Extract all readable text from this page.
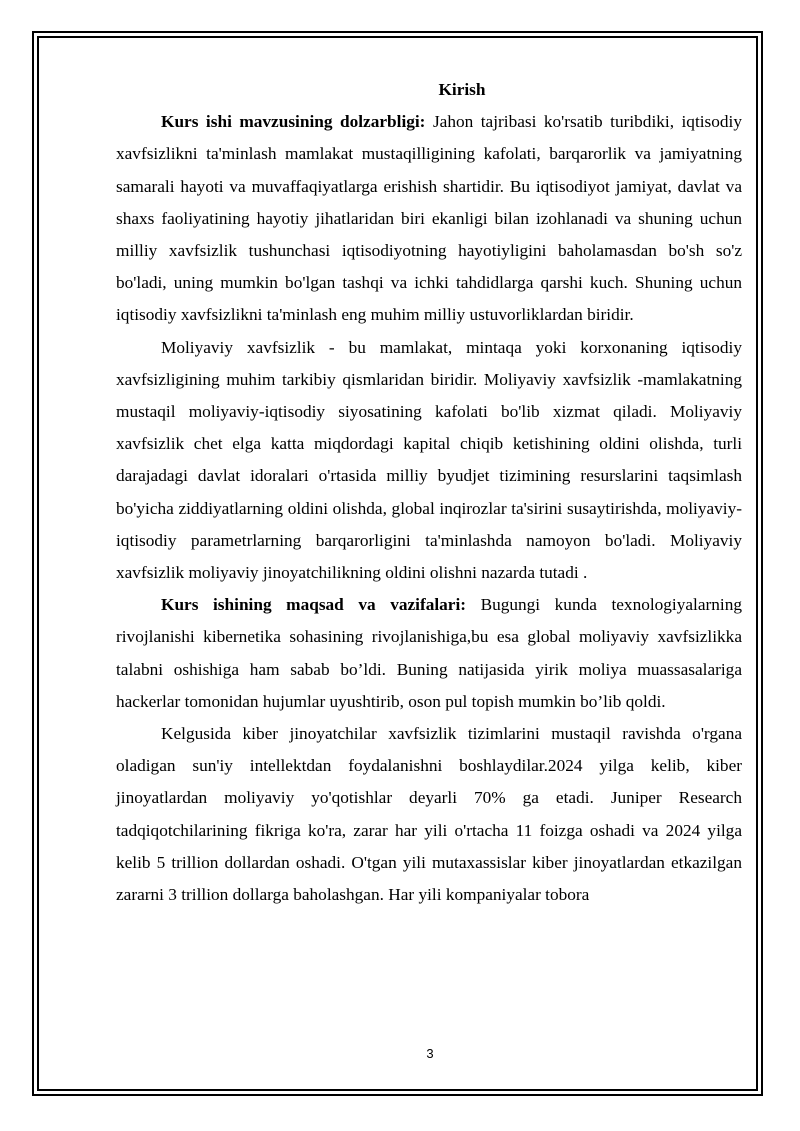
Kirish

Kurs ishi mavzusining dolzarbligi: Jahon tajribasi ko'rsatib turibdiki, iqtisodiy xavfsizlikni ta'minlash mamlakat mustaqilligining kafolati, barqarorlik va jamiyatning samarali hayoti va muvaffaqiyatlarga erishish shartidir. Bu iqtisodiyot jamiyat, davlat va shaxs faoliyatining hayotiy jihatlaridan biri ekanligi bilan izohlanadi va shuning uchun milliy xavfsizlik tushunchasi iqtisodiyotning hayotiyligini baholamasdan bo'sh so'z bo'ladi, uning mumkin bo'lgan tashqi va ichki tahdidlarga qarshi kuch. Shuning uchun iqtisodiy xavfsizlikni ta'minlash eng muhim milliy ustuvorliklardan biridir.

Moliyaviy xavfsizlik - bu mamlakat, mintaqa yoki korxonaning iqtisodiy xavfsizligining muhim tarkibiy qismlaridan biridir. Moliyaviy xavfsizlik -mamlakatning mustaqil moliyaviy-iqtisodiy siyosatining kafolati bo'lib xizmat qiladi. Moliyaviy xavfsizlik chet elga katta miqdordagi kapital chiqib ketishining oldini olishda, turli darajadagi davlat idoralari o'rtasida milliy byudjet tizimining resurslarini taqsimlash bo'yicha ziddiyatlarning oldini olishda, global inqirozlar ta'sirini susaytirishda, moliyaviy-iqtisodiy parametrlarning barqarorligini ta'minlashda namoyon bo'ladi. Moliyaviy xavfsizlik moliyaviy jinoyatchilikning oldini olishni nazarda tutadi .

Kurs ishining maqsad va vazifalari: Bugungi kunda texnologiyalarning rivojlanishi kibernetika sohasining rivojlanishiga,bu esa global moliyaviy xavfsizlikka talabni oshishiga ham sabab bo’ldi. Buning natijasida yirik moliya muassasalariga hackerlar tomonidan hujumlar uyushtirib, oson pul topish mumkin bo’lib qoldi.

Kelgusida kiber jinoyatchilar xavfsizlik tizimlarini mustaqil ravishda o'rgana oladigan sun'iy intellektdan foydalanishni boshlaydilar.2024 yilga kelib, kiber jinoyatlardan moliyaviy yo'qotishlar deyarli 70% ga etadi. Juniper Research tadqiqotchilarining fikriga ko'ra, zarar har yili o'rtacha 11 foizga oshadi va 2024 yilga kelib 5 trillion dollardan oshadi. O'tgan yili mutaxassislar kiber jinoyatlardan etkazilgan zararni 3 trillion dollarga baholashgan. Har yili kompaniyalar tobora

3
